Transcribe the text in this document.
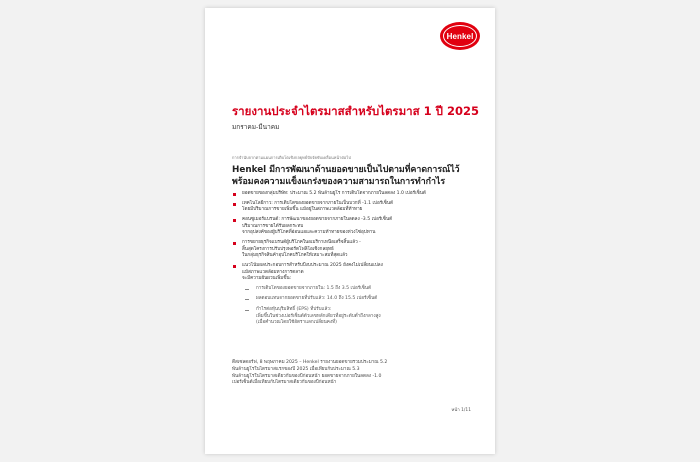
Henkel
รายงานประจำไตรมาสสำหรับไตรมาส 1 ปี 2025
มกราคม-มีนาคม
การจำนับจากตามแผนการเติบโตเชิงกลยุทธ์ปัจจัยขับเคลื่อนหน้าต่อไป
Henkel มีการพัฒนาด้านยอดขายเป็นไปตามที่คาดการณ์ไว้
พร้อมคงความแข็งแกร่งของความสามารถในการทำกำไร
ยอดขายของกลุ่มบริษัท: ประมาณ 5.2 พันล้านยูโร การเติบโตจากภายในลดลง 1.0 เปอร์เซ็นต์
เทคโนโลยีกาว: การเติบโตของยอดขายจากภายในเป็นบวกที่ -1.1 เปอร์เซ็นต์
โดยมีปริมาณการขายเพิ่มขึ้น แม้อยู่ในสภาพแวดล้อมที่ท้าทาย
คอนซูเมอร์แบรนด์: การพัฒนาของยอดขายจากภายในลดลง -3.5 เปอร์เซ็นต์
ปริมาณการขายได้รับผลกระทบ
จากอุปสงค์ของผู้บริโภคที่อ่อนแอและความท้าทายของห่วงโซ่อุปทาน
การขยายธุรกิจแบรนด์ผู้บริโภคในอเมริกาเหนือเสร็จสิ้นแล้ว -
สิ้นสุดโครงการปรับปรุงพอร์ตโฟลิโอเชิงกลยุทธ์
ในกลุ่มธุรกิจสินค้าอุปโภคบริโภคให้เหมาะสมที่สุดแล้ว
แนวโน้มผลประกอบการสำหรับปีงบประมาณ 2025 ยังคงไม่เปลี่ยนแปลง
แม้สภาพแวดล้อมทางการตลาด
จะมีความผันผวนเพิ่มขึ้น:
การเติบโตของยอดขายจากภายใน: 1.5 ถึง 3.5 เปอร์เซ็นต์
ผลตอบแทนจากยอดขายที่ปรับแล้ว: 14.0 ถึง 15.5 เปอร์เซ็นต์
กำไรต่อหุ้นบุริมสิทธิ์ (EPS) ที่ปรับแล้ว:
เพิ่มขึ้นในช่วงเปอร์เซ็นต์ตัวเลขหลักเดียวที่อยู่ระดับต่ำถึงกลางสูง
(เมื่อคำนวณโดยใช้อัตราแลกเปลี่ยนคงที่)
ดึสเซลดอร์ฟ, 8 พฤษภาคม 2025 – Henkel รายงานยอดขายรวมประมาณ 5.2
พันล้านยูโรในไตรมาสแรกของปี 2025 เมื่อเทียบกับประมาณ 5.3
พันล้านยูโรในไตรมาสเดียวกันของปีก่อนหน้า ยอดขายจากภายในลดลง -1.0
เปอร์เซ็นต์เมื่อเทียบกับไตรมาสเดียวกันของปีก่อนหน้า
หน้า 1/11
